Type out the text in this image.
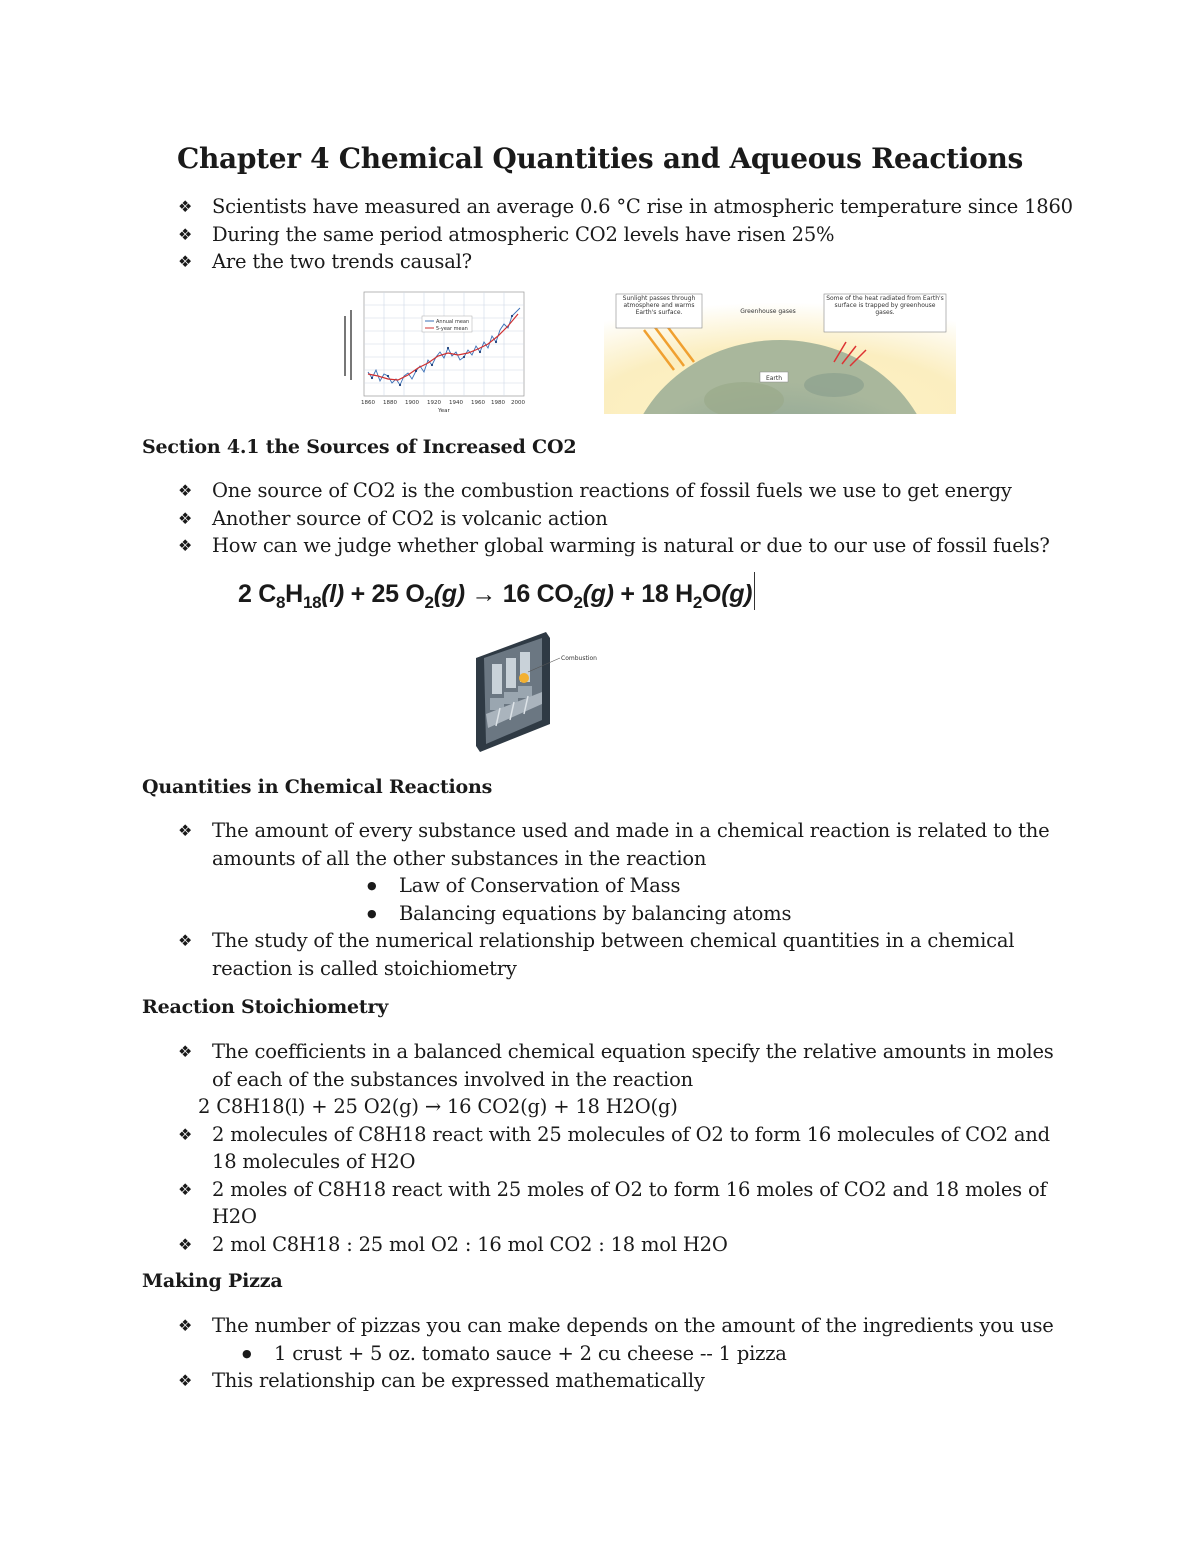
Chapter 4 Chemical Quantities and Aqueous Reactions
❖ Scientists have measured an average 0.6 °C rise in atmospheric temperature since 1860
❖ During the same period atmospheric CO2 levels have risen 25%
❖ Are the two trends causal?
Annual mean
5-year mean
1860 1880 1900 1920 1940 1960 1980 2000
Year
Sunlight passes through atmosphere and warms Earth's surface.	Greenhouse gases
Some of the heat radiated from Earth's surface is trapped by greenhouse gases.
Earth

Section 4.1 the Sources of Increased CO2

❖ One source of CO2 is the combustion reactions of fossil fuels we use to get energy
❖ Another source of CO2 is volcanic action
❖ How can we judge whether global warming is natural or due to our use of fossil fuels?
2 $C_8H_{18}(l) + 25$ $O_2(g) \to 16$ $CO_2(g) + 18$ $H_2O(g)$
Combustion

Quantities in Chemical Reactions

❖ The amount of every substance used and made in a chemical reaction is related to the amounts of all the other substances in the reaction
● Law of Conservation of Mass
● Balancing equations by balancing atoms
❖ The study of the numerical relationship between chemical quantities in a chemical reaction is called stoichiometry

Reaction Stoichiometry

❖ The coefficients in a balanced chemical equation specify the relative amounts in moles of each of the substances involved in the reaction
2 C8H18(l) + 25 O2(g) → 16 CO2(g) + 18 H2O(g)
❖ 2 molecules of C8H18 react with 25 molecules of O2 to form 16 molecules of CO2 and 18 molecules of H2O
❖ 2 moles of C8H18 react with 25 moles of O2 to form 16 moles of CO2 and 18 moles of H2O
❖ 2 mol C8H18 : 25 mol O2 : 16 mol CO2 : 18 mol H2O

Making Pizza

❖ The number of pizzas you can make depends on the amount of the ingredients you use
● 1 crust + 5 oz. tomato sauce + 2 cu cheese -- 1 pizza
❖ This relationship can be expressed mathematically
